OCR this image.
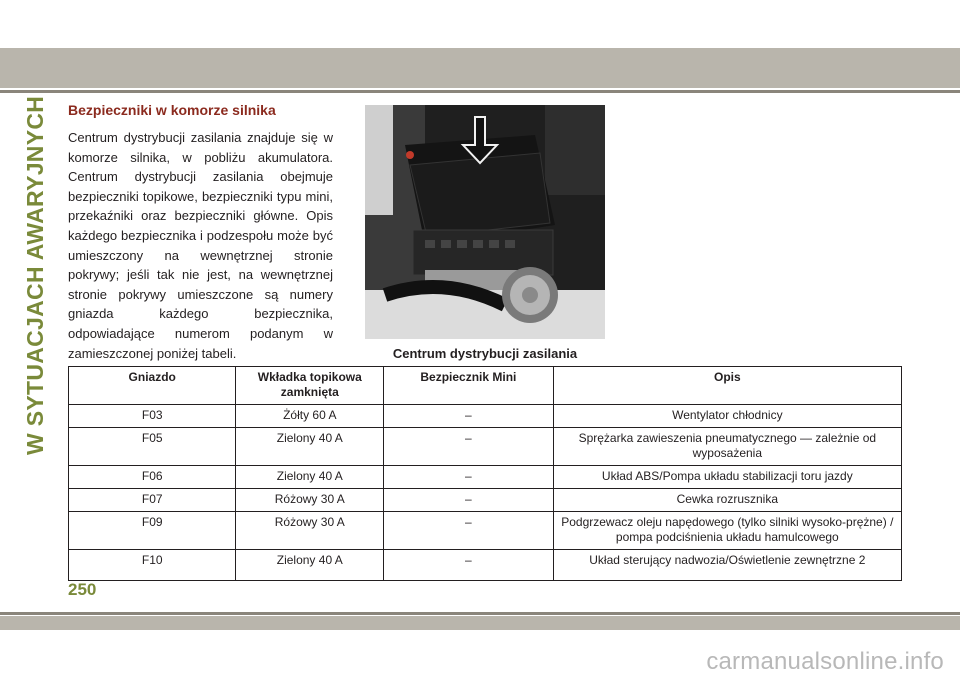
W SYTUACJACH AWARYJNYCH Bezpieczniki w komorze silnika
Centrum dystrybucji zasilania znajduje się w komorze silnika, w pobliżu akumulatora. Centrum dystrybucji zasilania obejmuje bezpieczniki topikowe, bezpieczniki typu mini, przekaźniki oraz bezpieczniki główne. Opis każdego bezpiecznika i podzespołu może być umieszczony na wewnętrznej stronie pokrywy; jeśli tak nie jest, na wewnętrznej stronie pokrywy umieszczone są numery gniazda każdego bezpiecznika, odpowiadające numerom podanym w zamieszczonej poniżej tabeli.	Centrum dystrybucji zasilania
Gniazdo	Wkładka topikowa zamknięta	Bezpiecznik Mini	Opis
F03	Żółty 60 A	–	Wentylator chłodnicy
F05	Zielony 40 A	–	Sprężarka zawieszenia pneumatycznego — zależnie od wyposażenia
F06	Zielony 40 A	–	Układ ABS/Pompa układu stabilizacji toru jazdy
F07	Różowy 30 A	–	Cewka rozrusznika
F09	Różowy 30 A	–	Podgrzewacz oleju napędowego (tylko silniki wysoko-prężne) / pompa podciśnienia układu hamulcowego
F10	Zielony 40 A	–	Układ sterujący nadwozia/Oświetlenie zewnętrzne 2
250
carmanualsonline.info
